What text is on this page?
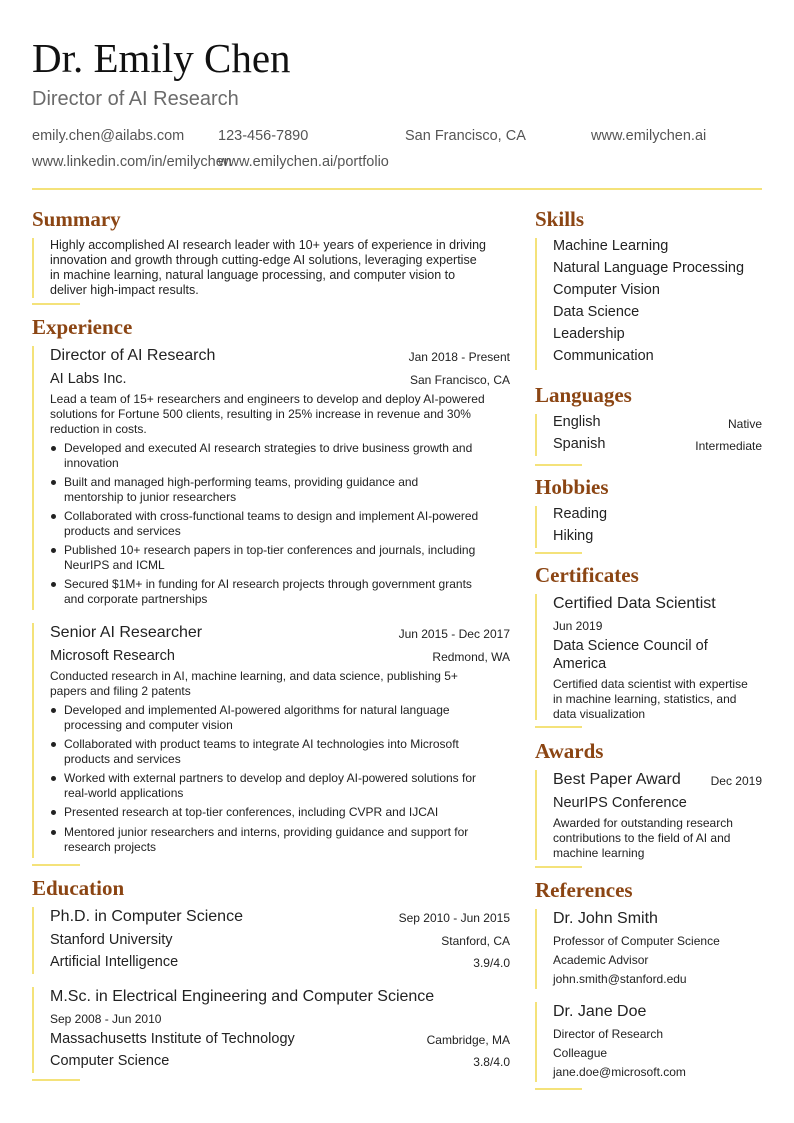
Dr. Emily Chen
Director of AI Research
emily.chen@ailabs.com 123-456-7890	San Francisco, CA	www.emilychen.ai
www.linkedin.com/in/emilychen
www.emilychen.ai/portfolio
Summary
Highly accomplished AI research leader with 10+ years of experience in driving
innovation and growth through cutting-edge AI solutions, leveraging expertise
in machine learning, natural language processing, and computer vision to
deliver high-impact results.
Experience
Director of AI Research	Jan 2018 - Present
AI Labs Inc.	San Francisco, CA
Lead a team of 15+ researchers and engineers to develop and deploy AI-powered
solutions for Fortune 500 clients, resulting in 25% increase in revenue and 30%
reduction in costs.
Developed and executed AI research strategies to drive business growth and
innovation
Built and managed high-performing teams, providing guidance and
mentorship to junior researchers
Collaborated with cross-functional teams to design and implement AI-powered
products and services
Published 10+ research papers in top-tier conferences and journals, including
NeurIPS and ICML
Secured $1M+ in funding for AI research projects through government grants
and corporate partnerships
Senior AI Researcher	Jun 2015 - Dec 2017
Microsoft Research	Redmond, WA
Conducted research in AI, machine learning, and data science, publishing 5+
papers and filing 2 patents
Developed and implemented AI-powered algorithms for natural language
processing and computer vision
Collaborated with product teams to integrate AI technologies into Microsoft
products and services
Worked with external partners to develop and deploy AI-powered solutions for
real-world applications
Presented research at top-tier conferences, including CVPR and IJCAI
Mentored junior researchers and interns, providing guidance and support for
research projects
Education
Ph.D. in Computer Science	Sep 2010 - Jun 2015
Stanford University	Stanford, CA
Artificial Intelligence	3.9/4.0
M.Sc. in Electrical Engineering and Computer Science
Sep 2008 - Jun 2010
Massachusetts Institute of Technology	Cambridge, MA
Computer Science	3.8/4.0
Skills
Machine Learning
Natural Language Processing
Computer Vision
Data Science
Leadership
Communication
Languages
English	Native
Spanish	Intermediate
Hobbies
Reading
Hiking
Certificates
Certified Data Scientist
Jun 2019
Data Science Council of
America
Certified data scientist with expertise
in machine learning, statistics, and
data visualization
Awards
Best Paper Award Dec 2019
NeurIPS Conference
Awarded for outstanding research
contributions to the field of AI and
machine learning
References
Dr. John Smith
Professor of Computer Science
Academic Advisor
john.smith@stanford.edu
Dr. Jane Doe
Director of Research
Colleague
jane.doe@microsoft.com
